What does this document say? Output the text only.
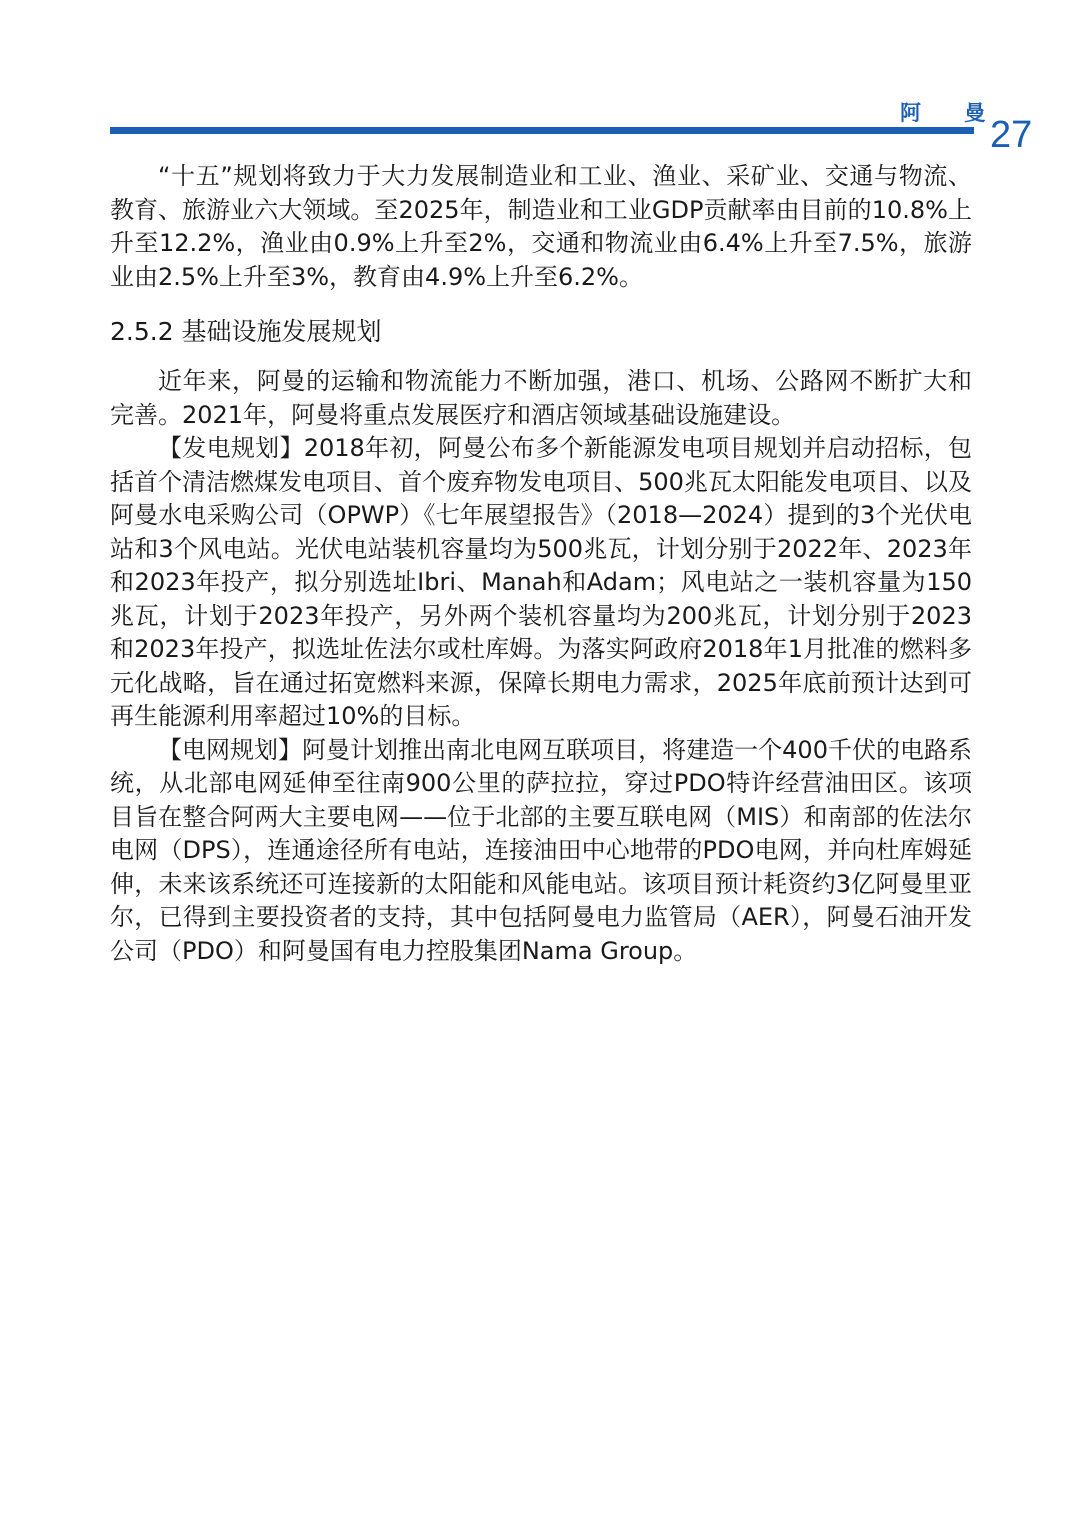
阿 曼
27

“十五”规划将致力于大力发展制造业和工业、渔业、采矿业、交通与物流、教育、旅游业六大领域。至2025年，制造业和工业GDP贡献率由目前的10.8%上升至12.2%，渔业由0.9%上升至2%，交通和物流业由6.4%上升至7.5%，旅游业由2.5%上升至3%，教育由4.9%上升至6.2%。

2.5.2 基础设施发展规划

近年来，阿曼的运输和物流能力不断加强，港口、机场、公路网不断扩大和完善。2021年，阿曼将重点发展医疗和酒店领域基础设施建设。

【发电规划】2018年初，阿曼公布多个新能源发电项目规划并启动招标，包括首个清洁燃煤发电项目、首个废弃物发电项目、500兆瓦太阳能发电项目、以及阿曼水电采购公司（OPWP）《七年展望报告》（2018—2024）提到的3个光伏电站和3个风电站。光伏电站装机容量均为500兆瓦，计划分别于2022年、2023年和2023年投产，拟分别选址Ibri、Manah和Adam；风电站之一装机容量为150兆瓦，计划于2023年投产，另外两个装机容量均为200兆瓦，计划分别于2023和2023年投产，拟选址佐法尔或杜库姆。为落实阿政府2018年1月批准的燃料多元化战略，旨在通过拓宽燃料来源，保障长期电力需求，2025年底前预计达到可再生能源利用率超过10%的目标。

【电网规划】阿曼计划推出南北电网互联项目，将建造一个400千伏的电路系统，从北部电网延伸至往南900公里的萨拉拉，穿过PDO特许经营油田区。该项目旨在整合阿两大主要电网——位于北部的主要互联电网（MIS）和南部的佐法尔电网（DPS），连通途径所有电站，连接油田中心地带的PDO电网，并向杜库姆延伸，未来该系统还可连接新的太阳能和风能电站。该项目预计耗资约3亿阿曼里亚尔，已得到主要投资者的支持，其中包括阿曼电力监管局（AER），阿曼石油开发公司（PDO）和阿曼国有电力控股集团Nama Group。
